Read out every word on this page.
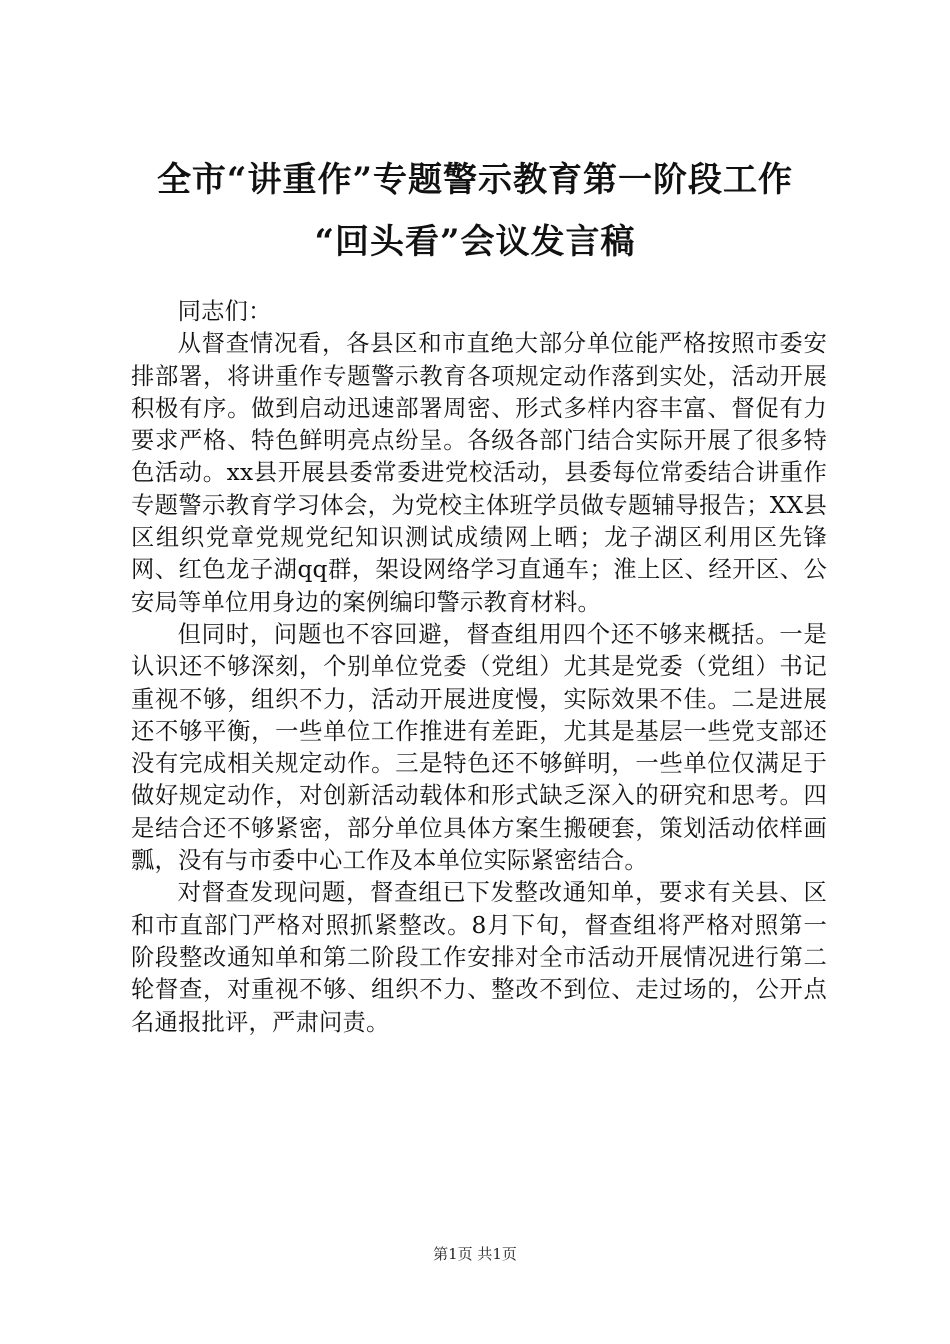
全市“讲重作”专题警示教育第一阶段工作
“回头看”会议发言稿

同志们：

从督查情况看，各县区和市直绝大部分单位能严格按照市委安排部署，将讲重作专题警示教育各项规定动作落到实处，活动开展积极有序。做到启动迅速部署周密、形式多样内容丰富、督促有力要求严格、特色鲜明亮点纷呈。各级各部门结合实际开展了很多特色活动。xx县开展县委常委进党校活动，县委每位常委结合讲重作专题警示教育学习体会，为党校主体班学员做专题辅导报告；XX县区组织党章党规党纪知识测试成绩网上晒；龙子湖区利用区先锋网、红色龙子湖qq群，架设网络学习直通车；淮上区、经开区、公安局等单位用身边的案例编印警示教育材料。

但同时，问题也不容回避，督查组用四个还不够来概括。一是认识还不够深刻，个别单位党委（党组）尤其是党委（党组）书记重视不够，组织不力，活动开展进度慢，实际效果不佳。二是进展还不够平衡，一些单位工作推进有差距，尤其是基层一些党支部还没有完成相关规定动作。三是特色还不够鲜明，一些单位仅满足于做好规定动作，对创新活动载体和形式缺乏深入的研究和思考。四是结合还不够紧密，部分单位具体方案生搬硬套，策划活动依样画瓢，没有与市委中心工作及本单位实际紧密结合。

对督查发现问题，督查组已下发整改通知单，要求有关县、区和市直部门严格对照抓紧整改。8月下旬，督查组将严格对照第一阶段整改通知单和第二阶段工作安排对全市活动开展情况进行第二轮督查，对重视不够、组织不力、整改不到位、走过场的，公开点名通报批评，严肃问责。

第1页 共1页
